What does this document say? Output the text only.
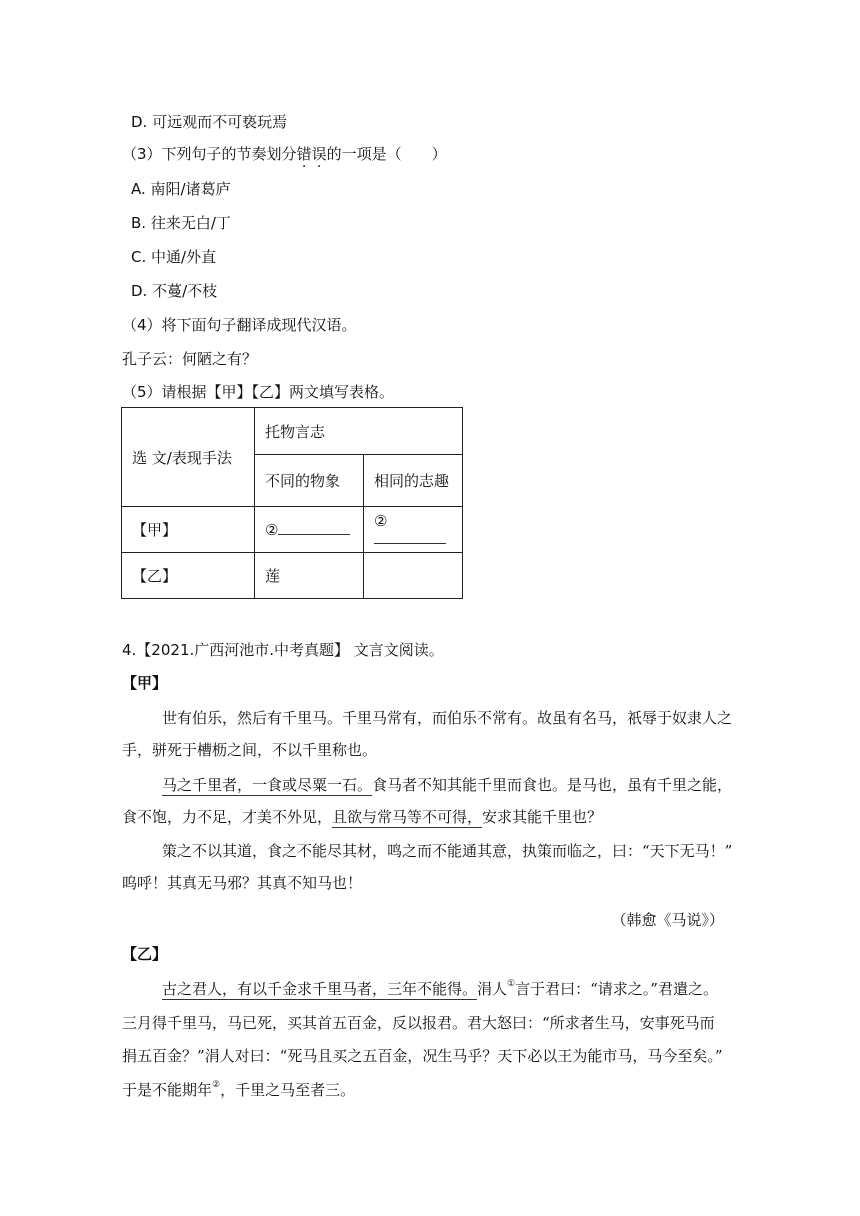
D. 可远观而不可亵玩焉
（3）下列句子的节奏划分错误的一项是（　　）
A. 南阳/诸葛庐
B. 往来无白/丁
C. 中通/外直
D. 不蔓/不枝
（4）将下面句子翻译成现代汉语。
孔子云：何陋之有？
（5）请根据【甲】【乙】两文填写表格。
选 文/表现手法	托物言志	
	不同的物象	相同的志趣
【甲】	②	②
【乙】	莲	
4.【2021.广西河池市.中考真题】 文言文阅读。
【甲】
世有伯乐，然后有千里马。千里马常有，而伯乐不常有。故虽有名马，祇辱于奴隶人之
手，骈死于槽枥之间，不以千里称也。
马之千里者，一食或尽粟一石。食马者不知其能千里而食也。是马也，虽有千里之能，
食不饱，力不足，才美不外见，且欲与常马等不可得，安求其能千里也？
策之不以其道，食之不能尽其材，鸣之而不能通其意，执策而临之，曰：“天下无马！”
呜呼！其真无马邪？其真不知马也！
（韩愈《马说》）
【乙】
古之君人，有以千金求千里马者，三年不能得。涓人①言于君曰：“请求之。”君遣之。
三月得千里马，马已死，买其首五百金，反以报君。君大怒曰：“所求者生马，安事死马而
捐五百金？”涓人对曰：“死马且买之五百金，况生马乎？天下必以王为能市马，马今至矣。”
于是不能期年②，千里之马至者三。
